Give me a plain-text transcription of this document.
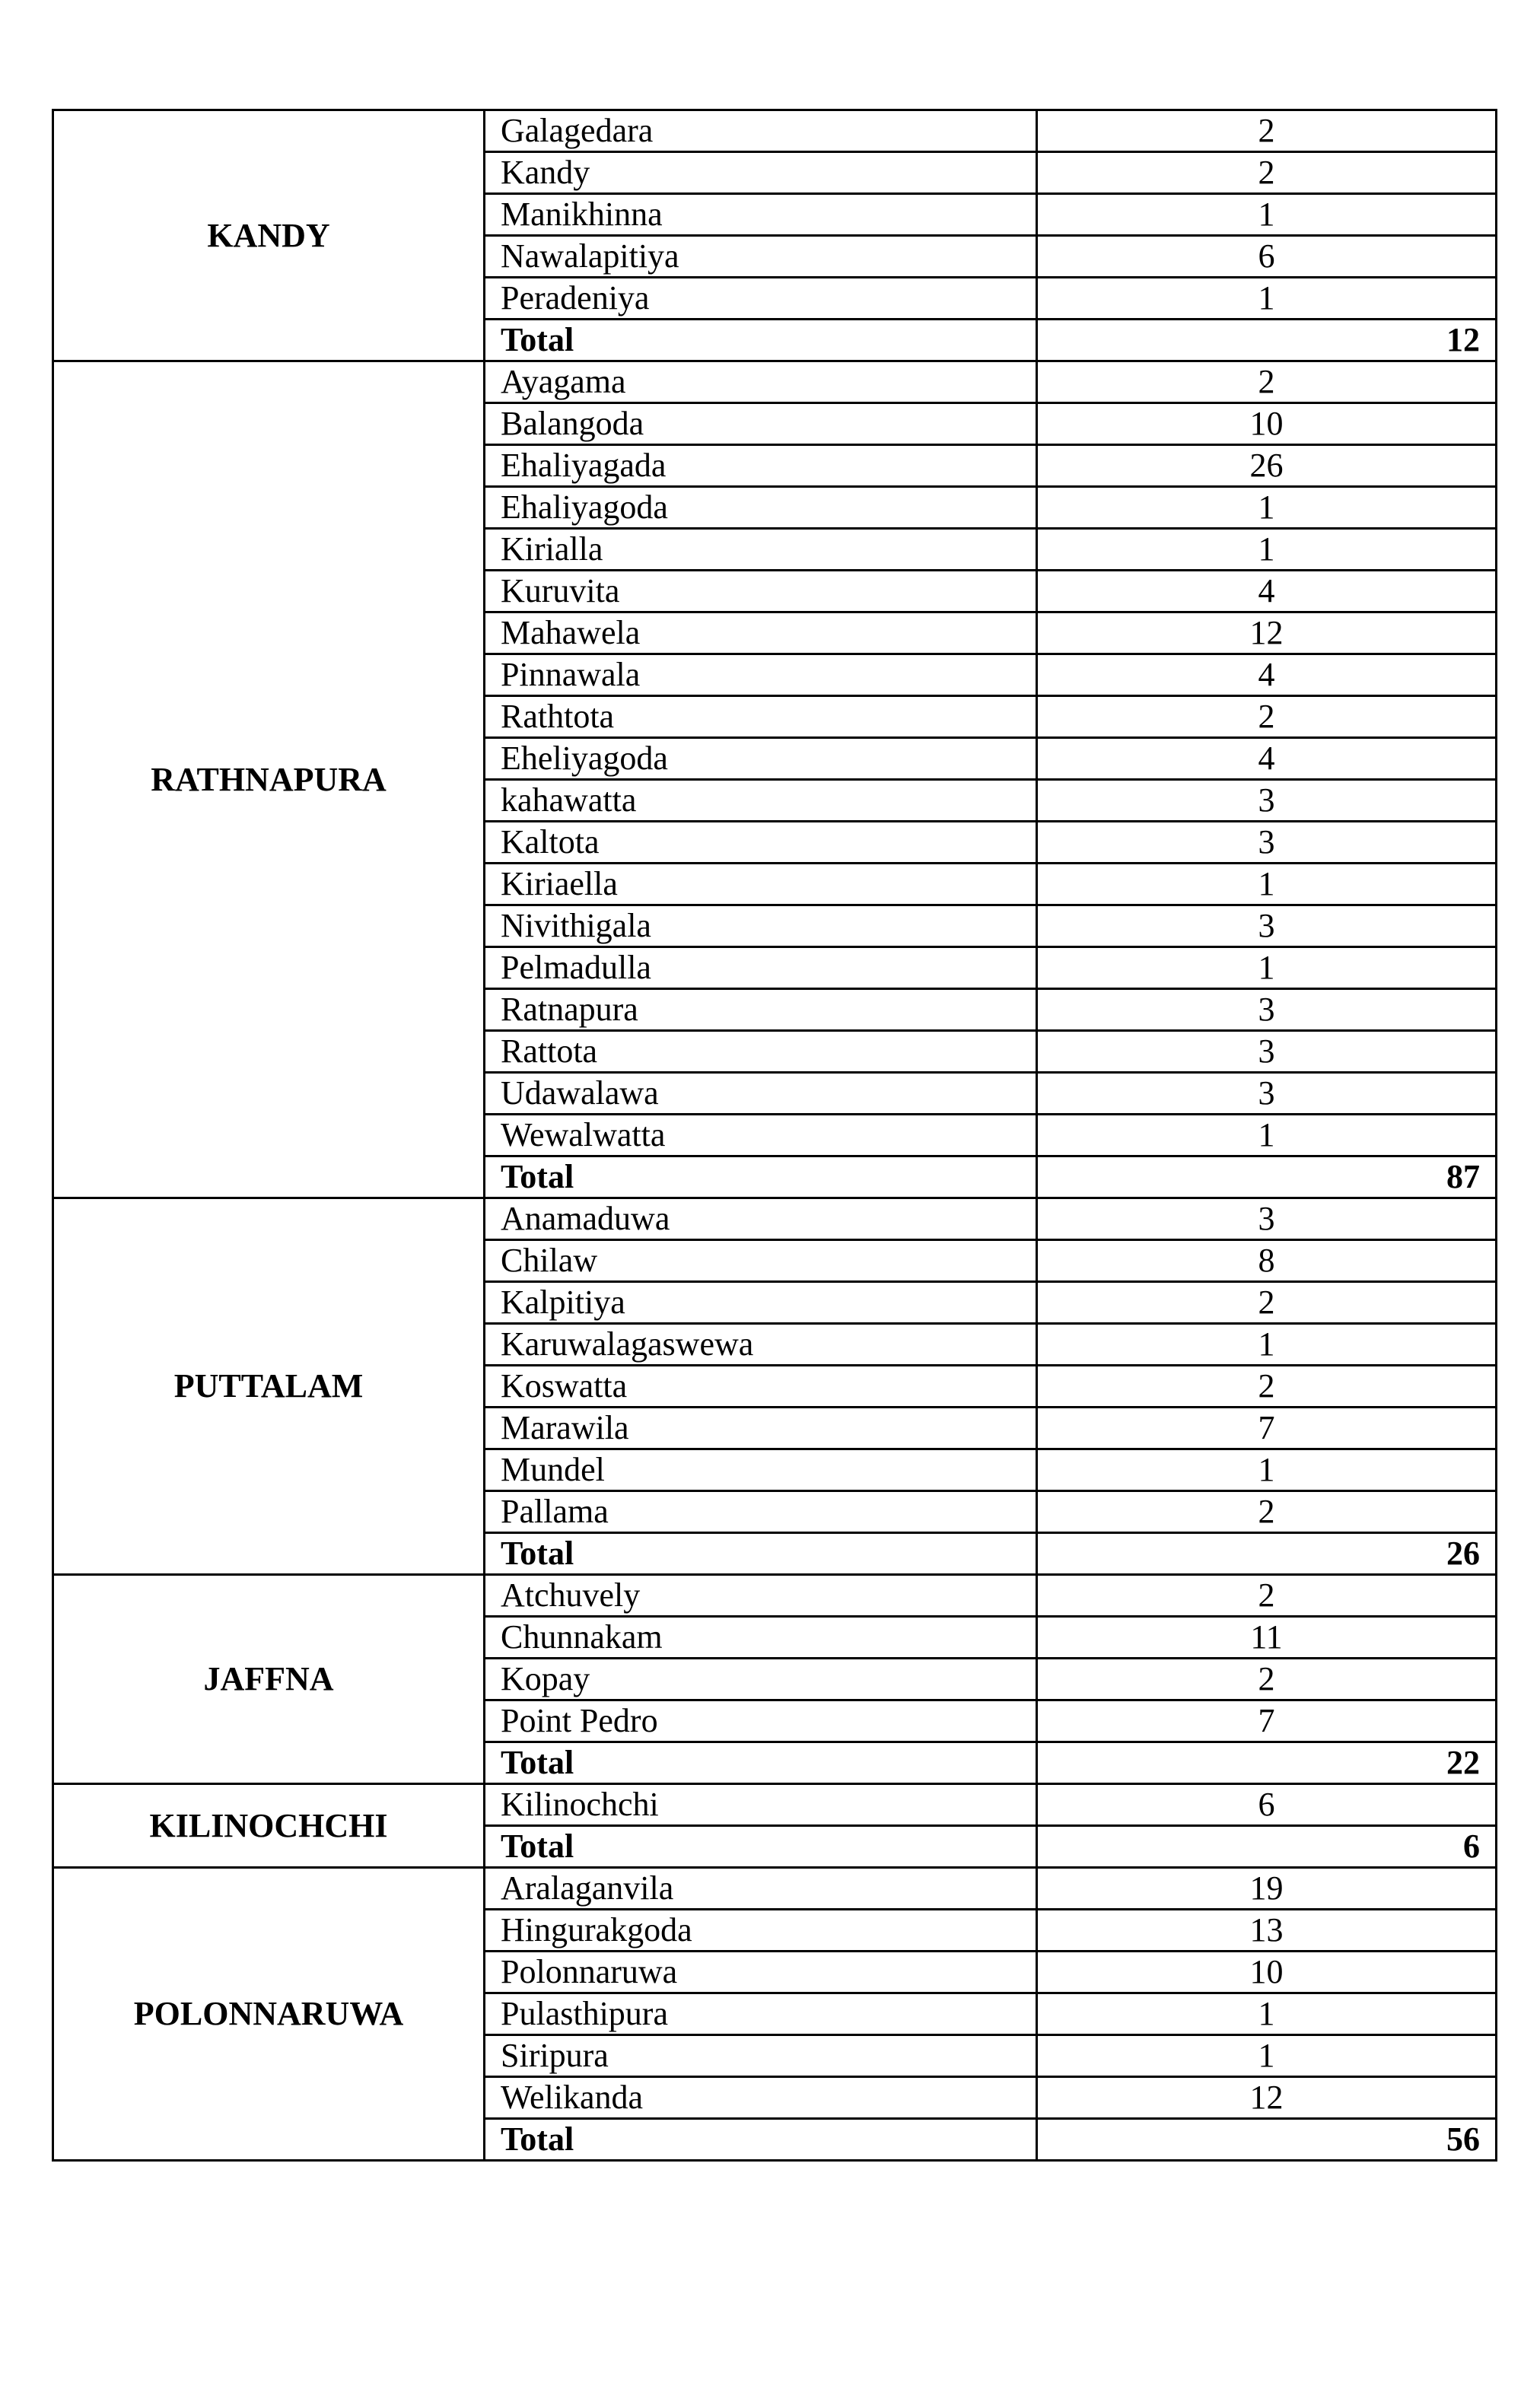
KANDY	Galagedara	2
	Kandy	2
	Manikhinna	1
	Nawalapitiya	6
	Peradeniya	1
	Total	12
RATHNAPURA	Ayagama	2
	Balangoda	10
	Ehaliyagada	26
	Ehaliyagoda	1
	Kirialla	1
	Kuruvita	4
	Mahawela	12
	Pinnawala	4
	Rathtota	2
	Eheliyagoda	4
	kahawatta	3
	Kaltota	3
	Kiriaella	1
	Nivithigala	3
	Pelmadulla	1
	Ratnapura	3
	Rattota	3
	Udawalawa	3
	Wewalwatta	1
	Total	87
PUTTALAM	Anamaduwa	3
	Chilaw	8
	Kalpitiya	2
	Karuwalagaswewa	1
	Koswatta	2
	Marawila	7
	Mundel	1
	Pallama	2
	Total	26
JAFFNA	Atchuvely	2
	Chunnakam	11
	Kopay	2
	Point Pedro	7
	Total	22
KILINOCHCHI	Kilinochchi	6
	Total	6
POLONNARUWA	Aralaganvila	19
	Hingurakgoda	13
	Polonnaruwa	10
	Pulasthipura	1
	Siripura	1
	Welikanda	12
	Total	56
